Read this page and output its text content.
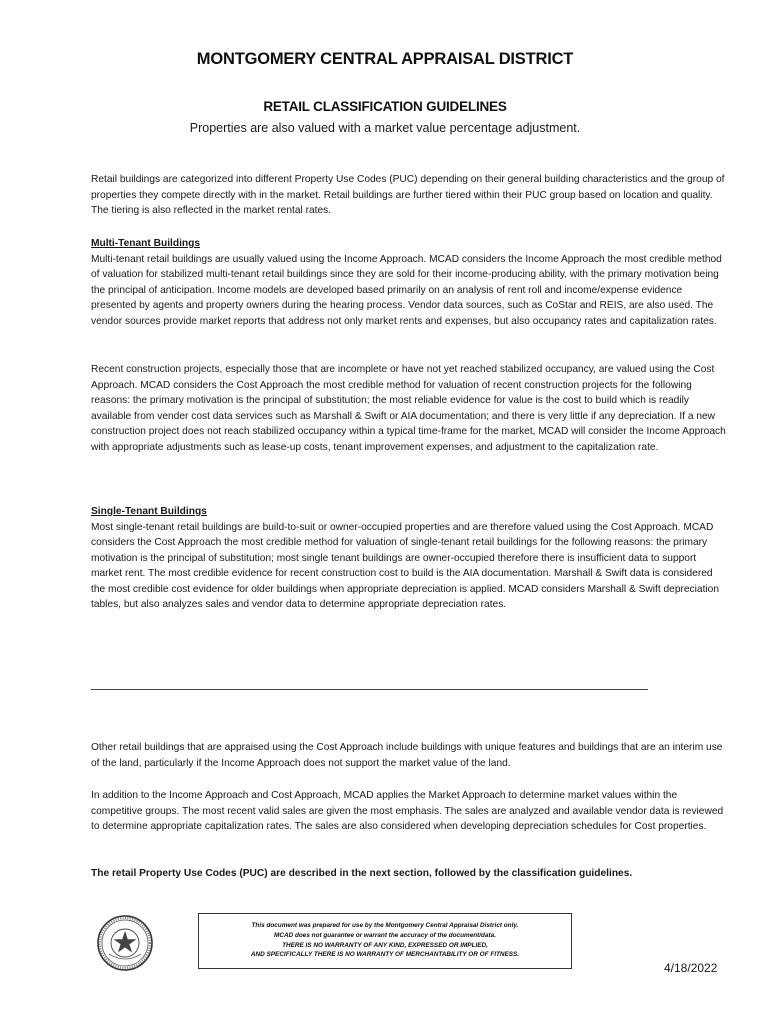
MONTGOMERY CENTRAL APPRAISAL DISTRICT
RETAIL CLASSIFICATION GUIDELINES
Properties are also valued with a market value percentage adjustment.

Retail buildings are categorized into different Property Use Codes (PUC) depending on their general building characteristics and the group of properties they compete directly with in the market. Retail buildings are further tiered within their PUC group based on location and quality. The tiering is also reflected in the market rental rates.

Multi-Tenant Buildings

Multi-tenant retail buildings are usually valued using the Income Approach. MCAD considers the Income Approach the most credible method of valuation for stabilized multi-tenant retail buildings since they are sold for their income-producing ability, with the primary motivation being the principal of anticipation. Income models are developed based primarily on an analysis of rent roll and income/expense evidence presented by agents and property owners during the hearing process. Vendor data sources, such as CoStar and REIS, are also used. The vendor sources provide market reports that address not only market rents and expenses, but also occupancy rates and capitalization rates.

Recent construction projects, especially those that are incomplete or have not yet reached stabilized occupancy, are valued using the Cost Approach. MCAD considers the Cost Approach the most credible method for valuation of recent construction projects for the following reasons: the primary motivation is the principal of substitution; the most reliable evidence for value is the cost to build which is readily available from vender cost data services such as Marshall & Swift or AIA documentation; and there is very little if any depreciation. If a new construction project does not reach stabilized occupancy within a typical time-frame for the market, MCAD will consider the Income Approach with appropriate adjustments such as lease-up costs, tenant improvement expenses, and adjustment to the capitalization rate.

Single-Tenant Buildings

Most single-tenant retail buildings are build-to-suit or owner-occupied properties and are therefore valued using the Cost Approach. MCAD considers the Cost Approach the most credible method for valuation of single-tenant retail buildings for the following reasons: the primary motivation is the principal of substitution; most single tenant buildings are owner-occupied therefore there is insufficient data to support market rent. The most credible evidence for recent construction cost to build is the AIA documentation. Marshall & Swift data is considered the most credible cost evidence for older buildings when appropriate depreciation is applied. MCAD considers Marshall & Swift depreciation tables, but also analyzes sales and vendor data to determine appropriate depreciation rates.

Other retail buildings that are appraised using the Cost Approach include buildings with unique features and buildings that are an interim use of the land, particularly if the Income Approach does not support the market value of the land.

In addition to the Income Approach and Cost Approach, MCAD applies the Market Approach to determine market values within the competitive groups. The most recent valid sales are given the most emphasis. The sales are analyzed and available vendor data is reviewed to determine appropriate capitalization rates. The sales are also considered when developing depreciation schedules for Cost properties.

The retail Property Use Codes (PUC) are described in the next section, followed by the classification guidelines.

This document was prepared for use by the Montgomery Central Appraisal District only.
MCAD does not guarantee or warrant the accuracy of the document/data.
THERE IS NO WARRANTY OF ANY KIND, EXPRESSED OR IMPLIED,
AND SPECIFICALLY THERE IS NO WARRANTY OF MERCHANTABILITY OR OF FITNESS.
4/18/2022
